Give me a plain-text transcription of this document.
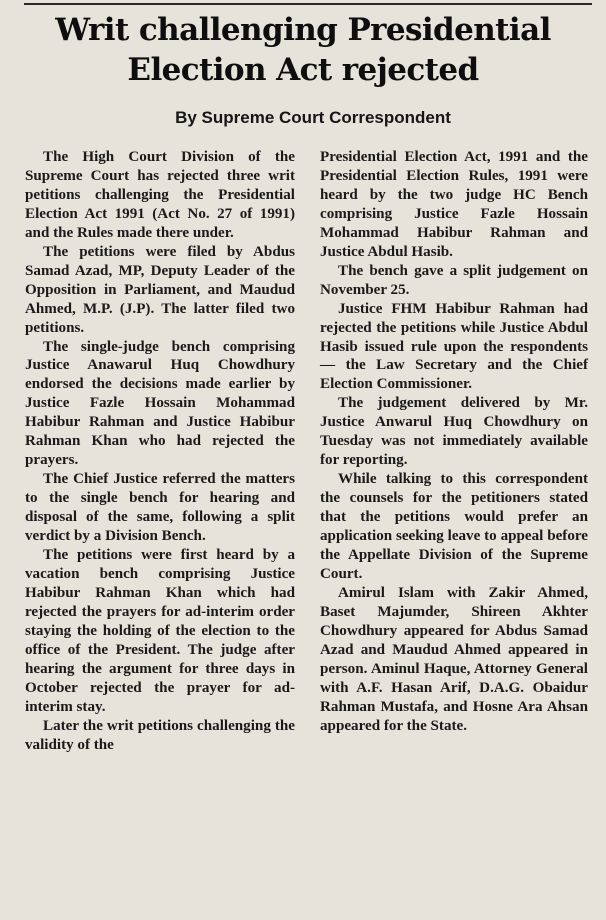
Writ challenging Presidential Election Act rejected
By Supreme Court Correspondent

The High Court Division of the Supreme Court has rejected three writ petitions challenging the Presidential Election Act 1991 (Act No. 27 of 1991) and the Rules made there under.

The petitions were filed by Abdus Samad Azad, MP, Deputy Leader of the Opposition in Parliament, and Maudud Ahmed, M.P. (J.P). The latter filed two petitions.

The single-judge bench comprising Justice Anawarul Huq Chowdhury endorsed the decisions made earlier by Justice Fazle Hossain Mohammad Habibur Rahman and Justice Habibur Rahman Khan who had rejected the prayers.

The Chief Justice referred the matters to the single bench for hearing and disposal of the same, following a split verdict by a Division Bench.

The petitions were first heard by a vacation bench comprising Justice Habibur Rahman Khan which had rejected the prayers for ad-interim order staying the holding of the election to the office of the President. The judge after hearing the argument for three days in October rejected the prayer for ad-interim stay.

Later the writ petitions challenging the validity of the

Presidential Election Act, 1991 and the Presidential Election Rules, 1991 were heard by the two judge HC Bench comprising Justice Fazle Hossain Mohammad Habibur Rahman and Justice Abdul Hasib.

The bench gave a split judgement on November 25.

Justice FHM Habibur Rahman had rejected the petitions while Justice Abdul Hasib issued rule upon the respondents — the Law Secretary and the Chief Election Commissioner.

The judgement delivered by Mr. Justice Anwarul Huq Chowdhury on Tuesday was not immediately available for reporting.

While talking to this correspondent the counsels for the petitioners stated that the petitions would prefer an application seeking leave to appeal before the Appellate Division of the Supreme Court.

Amirul Islam with Zakir Ahmed, Baset Majumder, Shireen Akhter Chowdhury appeared for Abdus Samad Azad and Maudud Ahmed appeared in person. Aminul Haque, Attorney General with A.F. Hasan Arif, D.A.G. Obaidur Rahman Mustafa, and Hosne Ara Ahsan appeared for the State.
